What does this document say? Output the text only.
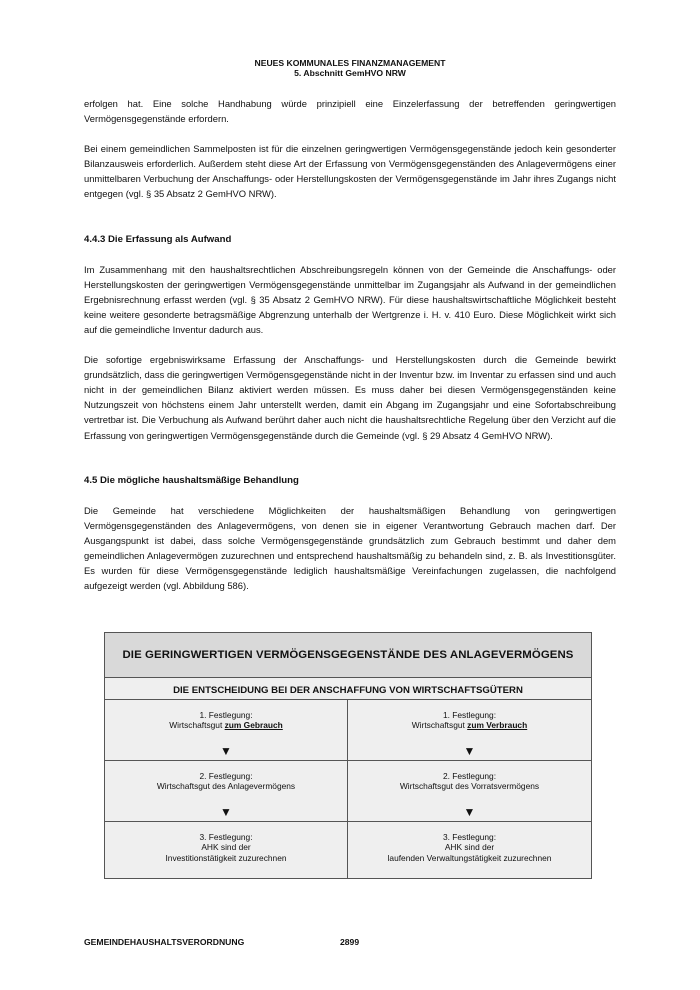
NEUES KOMMUNALES FINANZMANAGEMENT
5. Abschnitt GemHVO NRW

erfolgen hat. Eine solche Handhabung würde prinzipiell eine Einzelerfassung der betreffenden geringwertigen Vermögensgegenstände erfordern.

Bei einem gemeindlichen Sammelposten ist für die einzelnen geringwertigen Vermögensgegenstände jedoch kein gesonderter Bilanzausweis erforderlich. Außerdem steht diese Art der Erfassung von Vermögensgegenständen des Anlagevermögens einer unmittelbaren Verbuchung der Anschaffungs- oder Herstellungskosten der Vermögensgegenstände im Jahr ihres Zugangs nicht entgegen (vgl. § 35 Absatz 2 GemHVO NRW).

4.4.3 Die Erfassung als Aufwand

Im Zusammenhang mit den haushaltsrechtlichen Abschreibungsregeln können von der Gemeinde die Anschaffungs- oder Herstellungskosten der geringwertigen Vermögensgegenstände unmittelbar im Zugangsjahr als Aufwand in der gemeindlichen Ergebnisrechnung erfasst werden (vgl. § 35 Absatz 2 GemHVO NRW). Für diese haushaltswirtschaftliche Möglichkeit besteht keine weitere gesonderte betragsmäßige Abgrenzung unterhalb der Wertgrenze i. H. v. 410 Euro. Diese Möglichkeit wirkt sich auf die gemeindliche Inventur dadurch aus.

Die sofortige ergebniswirksame Erfassung der Anschaffungs- und Herstellungskosten durch die Gemeinde bewirkt grundsätzlich, dass die geringwertigen Vermögensgegenstände nicht in der Inventur bzw. im Inventar zu erfassen sind und auch nicht in der gemeindlichen Bilanz aktiviert werden müssen. Es muss daher bei diesen Vermögensgegenständen keine Nutzungszeit von höchstens einem Jahr unterstellt werden, damit ein Abgang im Zugangsjahr und eine Sofortabschreibung vertretbar ist. Die Verbuchung als Aufwand berührt daher auch nicht die haushaltsrechtliche Regelung über den Verzicht auf die Erfassung von geringwertigen Vermögensgegenstände durch die Gemeinde (vgl. § 29 Absatz 4 GemHVO NRW).

4.5 Die mögliche haushaltsmäßige Behandlung

Die Gemeinde hat verschiedene Möglichkeiten der haushaltsmäßigen Behandlung von geringwertigen Vermögensgegenständen des Anlagevermögens, von denen sie in eigener Verantwortung Gebrauch machen darf. Der Ausgangspunkt ist dabei, dass solche Vermögensgegenstände grundsätzlich zum Gebrauch bestimmt und daher dem gemeindlichen Anlagevermögen zuzurechnen und entsprechend haushaltsmäßig zu behandeln sind, z. B. als Investitionsgüter. Es wurden für diese Vermögensgegenstände lediglich haushaltsmäßige Vereinfachungen zugelassen, die nachfolgend aufgezeigt werden (vgl. Abbildung 586).

DIE GERINGWERTIGEN VERMÖGENSGEGENSTÄNDE DES ANLAGEVERMÖGENS
DIE ENTSCHEIDUNG BEI DER ANSCHAFFUNG VON WIRTSCHAFTSGÜTERN
1. Festlegung:
Wirtschaftsgut zum Gebrauch
▼
1. Festlegung:
Wirtschaftsgut zum Verbrauch
▼
2. Festlegung:
Wirtschaftsgut des Anlagevermögens
▼
2. Festlegung:
Wirtschaftsgut des Vorratsvermögens
▼
3. Festlegung:
AHK sind der
Investitionstätigkeit zuzurechnen
3. Festlegung:
AHK sind der
laufenden Verwaltungstätigkeit zuzurechnen
GEMEINDEHAUSHALTSVERORDNUNG	2899
